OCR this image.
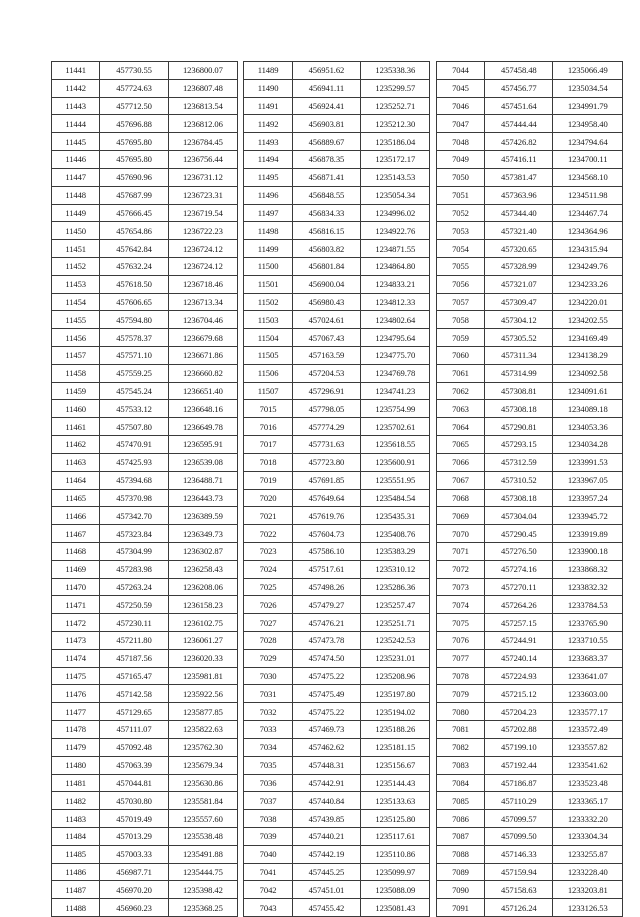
11441	457730.55	1236800.07		11489	456951.62	1235338.36		7044	457458.48	1235066.49
11442	457724.63	1236807.48		11490	456941.11	1235299.57		7045	457456.77	1235034.54
11443	457712.50	1236813.54		11491	456924.41	1235252.71		7046	457451.64	1234991.79
11444	457696.88	1236812.06		11492	456903.81	1235212.30		7047	457444.44	1234958.40
11445	457695.80	1236784.45		11493	456889.67	1235186.04		7048	457426.82	1234794.64
11446	457695.80	1236756.44		11494	456878.35	1235172.17		7049	457416.11	1234700.11
11447	457690.96	1236731.12		11495	456871.41	1235143.53		7050	457381.47	1234568.10
11448	457687.99	1236723.31		11496	456848.55	1235054.34		7051	457363.96	1234511.98
11449	457666.45	1236719.54		11497	456834.33	1234996.02		7052	457344.40	1234467.74
11450	457654.86	1236722.23		11498	456816.15	1234922.76		7053	457321.40	1234364.96
11451	457642.84	1236724.12		11499	456803.82	1234871.55		7054	457320.65	1234315.94
11452	457632.24	1236724.12		11500	456801.84	1234864.80		7055	457328.99	1234249.76
11453	457618.50	1236718.46		11501	456900.04	1234833.21		7056	457321.07	1234233.26
11454	457606.65	1236713.34		11502	456980.43	1234812.33		7057	457309.47	1234220.01
11455	457594.80	1236704.46		11503	457024.61	1234802.64		7058	457304.12	1234202.55
11456	457578.37	1236679.68		11504	457067.43	1234795.64		7059	457305.52	1234169.49
11457	457571.10	1236671.86		11505	457163.59	1234775.70		7060	457311.34	1234138.29
11458	457559.25	1236660.82		11506	457204.53	1234769.78		7061	457314.99	1234092.58
11459	457545.24	1236651.40		11507	457296.91	1234741.23		7062	457308.81	1234091.61
11460	457533.12	1236648.16		7015	457798.05	1235754.99		7063	457308.18	1234089.18
11461	457507.80	1236649.78		7016	457774.29	1235702.61		7064	457290.81	1234053.36
11462	457470.91	1236595.91		7017	457731.63	1235618.55		7065	457293.15	1234034.28
11463	457425.93	1236539.08		7018	457723.80	1235600.91		7066	457312.59	1233991.53
11464	457394.68	1236488.71		7019	457691.85	1235551.95		7067	457310.52	1233967.05
11465	457370.98	1236443.73		7020	457649.64	1235484.54		7068	457308.18	1233957.24
11466	457342.70	1236389.59		7021	457619.76	1235435.31		7069	457304.04	1233945.72
11467	457323.84	1236349.73		7022	457604.73	1235408.76		7070	457290.45	1233919.89
11468	457304.99	1236302.87		7023	457586.10	1235383.29		7071	457276.50	1233900.18
11469	457283.98	1236258.43		7024	457517.61	1235310.12		7072	457274.16	1233868.32
11470	457263.24	1236208.06		7025	457498.26	1235286.36		7073	457270.11	1233832.32
11471	457250.59	1236158.23		7026	457479.27	1235257.47		7074	457264.26	1233784.53
11472	457230.11	1236102.75		7027	457476.21	1235251.71		7075	457257.15	1233765.90
11473	457211.80	1236061.27		7028	457473.78	1235242.53		7076	457244.91	1233710.55
11474	457187.56	1236020.33		7029	457474.50	1235231.01		7077	457240.14	1233683.37
11475	457165.47	1235981.81		7030	457475.22	1235208.96		7078	457224.93	1233641.07
11476	457142.58	1235922.56		7031	457475.49	1235197.80		7079	457215.12	1233603.00
11477	457129.65	1235877.85		7032	457475.22	1235194.02		7080	457204.23	1233577.17
11478	457111.07	1235822.63		7033	457469.73	1235188.26		7081	457202.88	1233572.49
11479	457092.48	1235762.30		7034	457462.62	1235181.15		7082	457199.10	1233557.82
11480	457063.39	1235679.34		7035	457448.31	1235156.67		7083	457192.44	1233541.62
11481	457044.81	1235630.86		7036	457442.91	1235144.43		7084	457186.87	1233523.48
11482	457030.80	1235581.84		7037	457440.84	1235133.63		7085	457110.29	1233365.17
11483	457019.49	1235557.60		7038	457439.85	1235125.80		7086	457099.57	1233332.20
11484	457013.29	1235538.48		7039	457440.21	1235117.61		7087	457099.50	1233304.34
11485	457003.33	1235491.88		7040	457442.19	1235110.86		7088	457146.33	1233255.87
11486	456987.71	1235444.75		7041	457445.25	1235099.97		7089	457159.94	1233228.40
11487	456970.20	1235398.42		7042	457451.01	1235088.09		7090	457158.63	1233203.81
11488	456960.23	1235368.25		7043	457455.42	1235081.43		7091	457126.24	1233126.53
